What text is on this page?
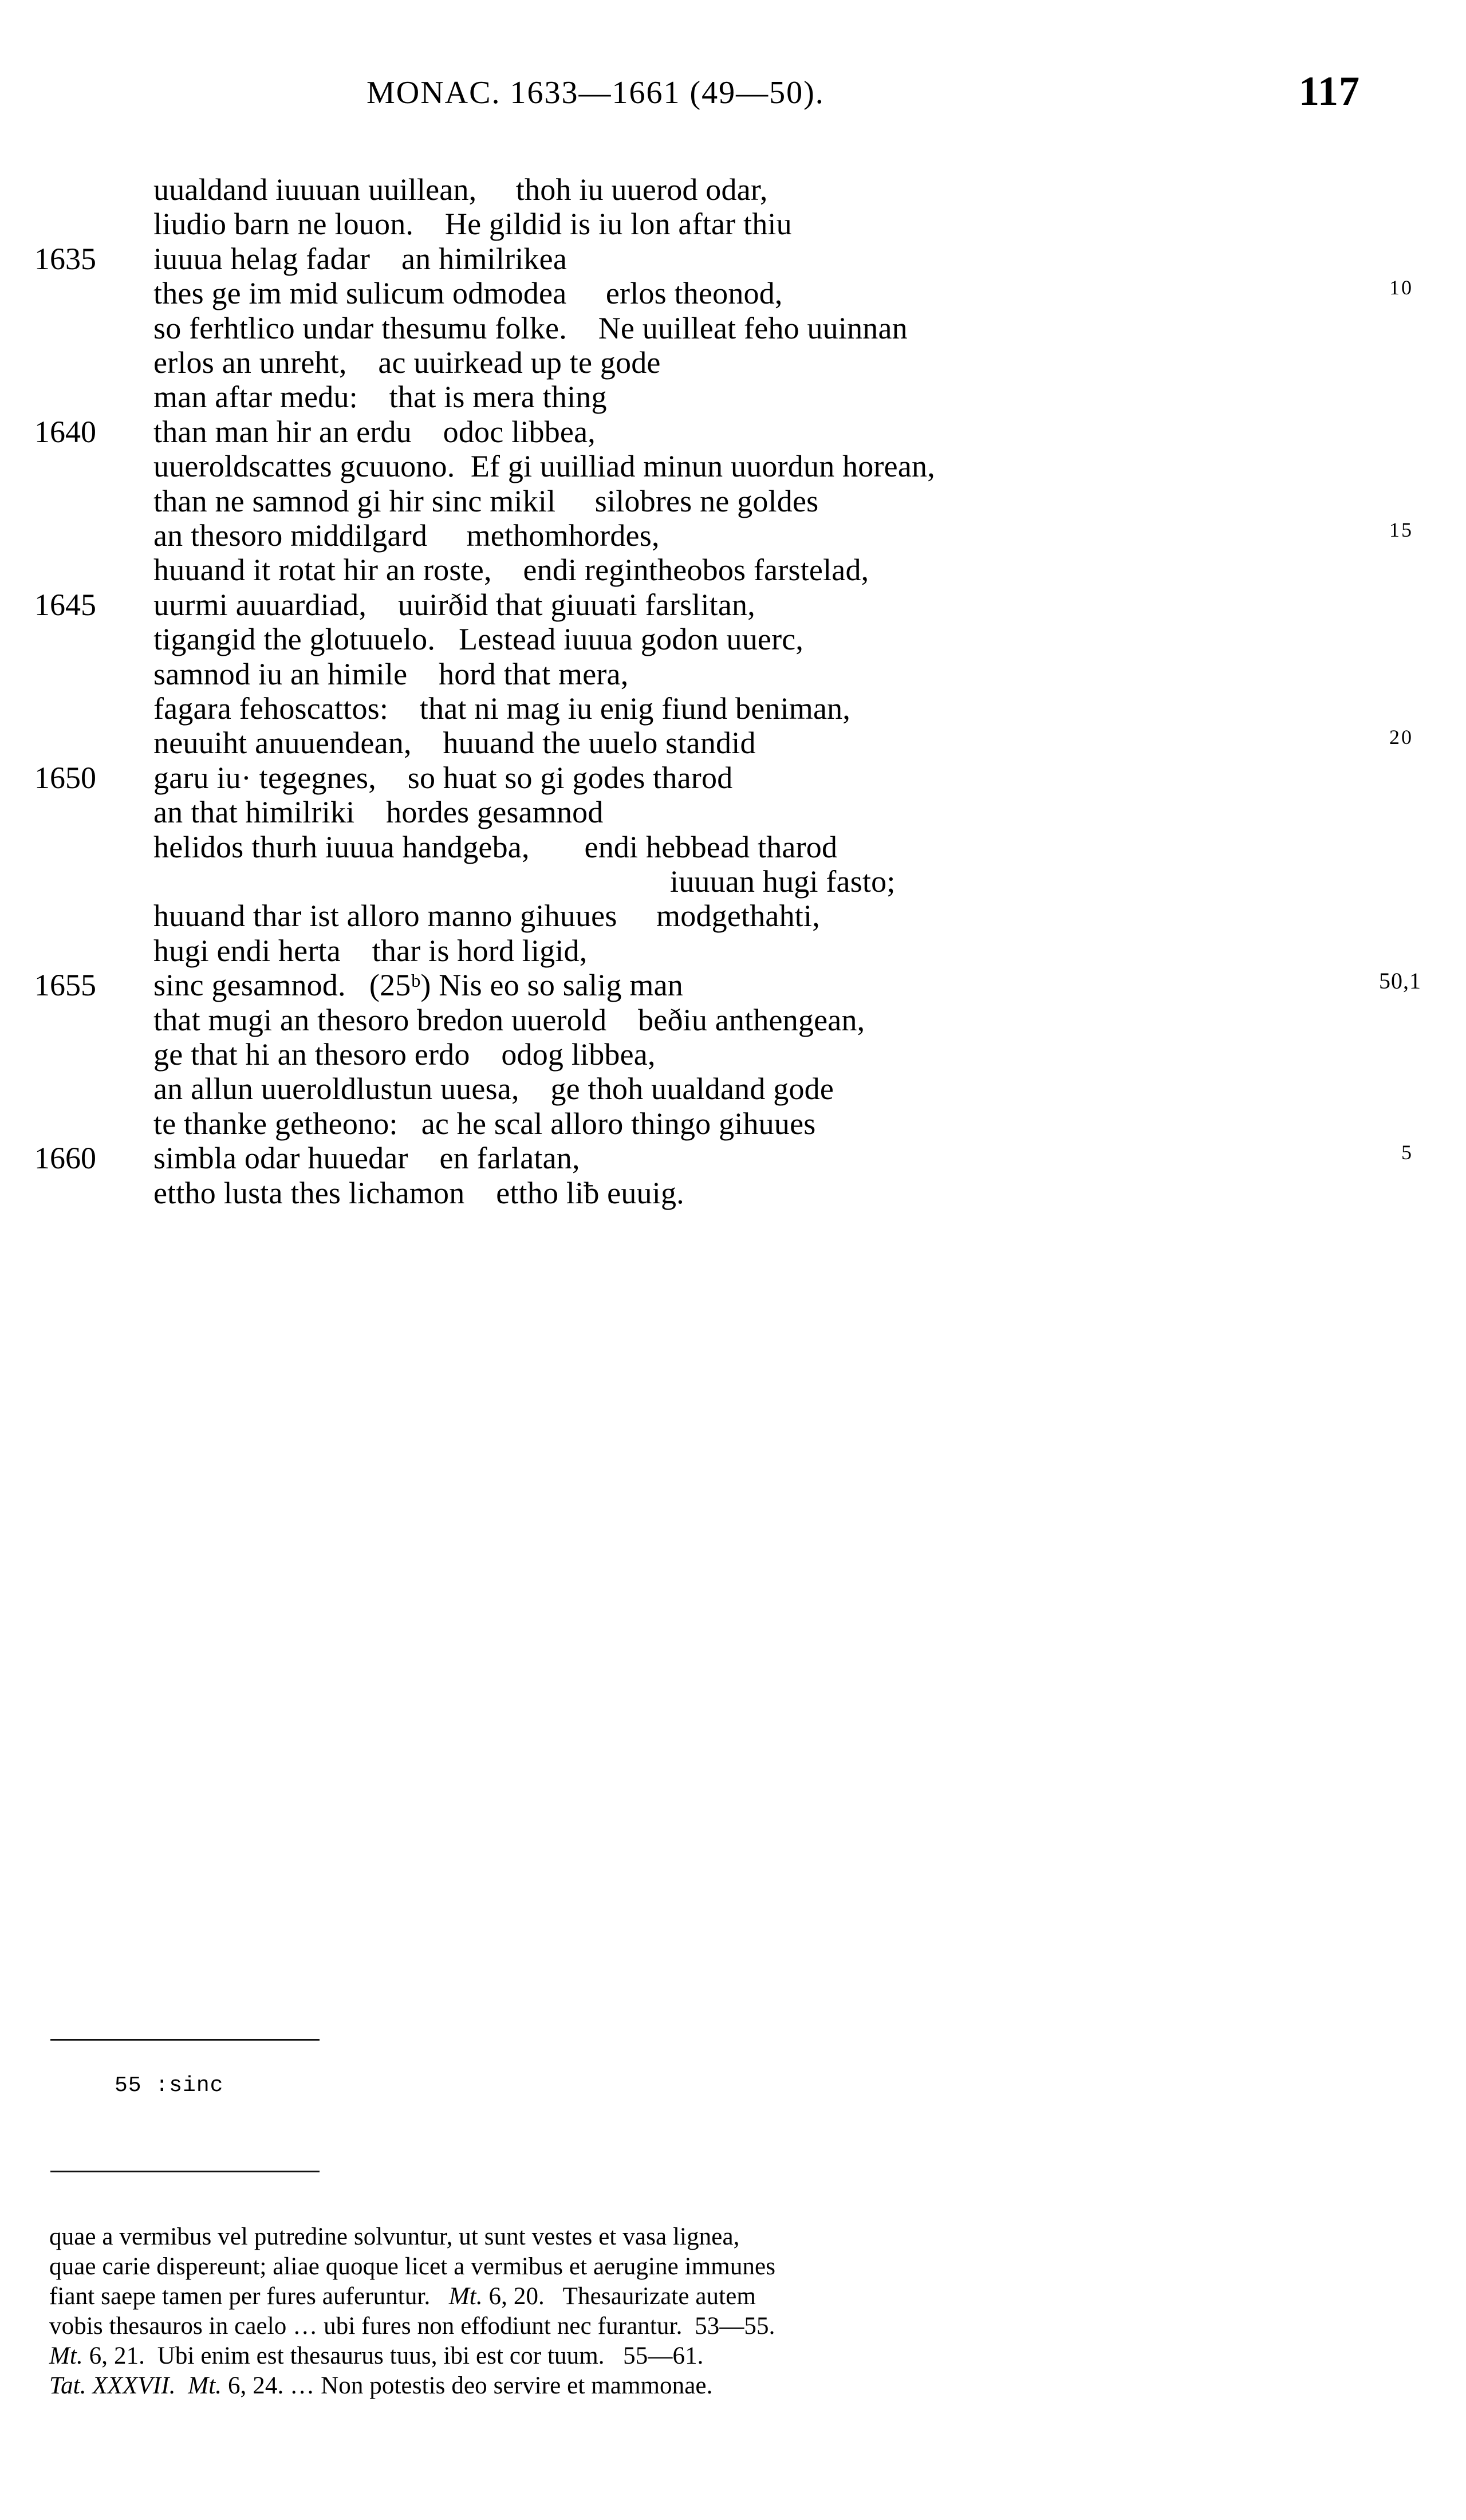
MONAC. 1633—1661 (49—50).	117
uualdand iuuuan uuillean,     thoh iu uuerod odar,
liudio barn ne louon.    He gildid is iu lon aftar thiu
1635	iuuua helag fadar    an himilrikea
thes ge im mid sulicum odmodea     erlos theonod,	10
so ferhtlico undar thesumu folke.    Ne uuilleat feho uuinnan
erlos an unreht,    ac uuirkead up te gode
man aftar medu:    that is mera thing
1640	than man hir an erdu    odoc libbea,
uueroldscattes gcuuono.  Ef gi uuilliad minun uuordun horean,
than ne samnod gi hir sinc mikil     silobres ne goldes
an thesoro middilgard     methomhordes,	15
huuand it rotat hir an roste,    endi regintheobos farstelad,
1645	uurmi auuardiad,    uuirðid that giuuati farslitan,
tigangid the glotuuelo.   Lestead iuuua godon uuerc,
samnod iu an himile    hord that mera,
fagara fehoscattos:    that ni mag iu enig fiund beniman,
neuuiht anuuendean,    huuand the uuelo standid	20
1650	garu iu· tegegnes,    so huat so gi godes tharod
an that himilriki    hordes gesamnod
helidos thurh iuuua handgeba,       endi hebbead tharod
iuuuan hugi fasto;
huuand thar ist alloro manno gihuues     modgethahti,
hugi endi herta    thar is hord ligid,
1655	sinc gesamnod.   (25ᵇ) Nis eo so salig man	50,1
that mugi an thesoro bredon uuerold    beðiu anthengean,
ge that hi an thesoro erdo    odog libbea,
an allun uueroldlustun uuesa,    ge thoh uualdand gode
te thanke getheono:   ac he scal alloro thingo gihuues
1660	simbla odar huuedar    en farlatan,	5
ettho lusta thes lichamon    ettho liƀ euuig.
55 :sinc
quae a vermibus vel putredine solvuntur, ut sunt vestes et vasa lignea,
quae carie dispereunt; aliae quoque licet a vermibus et aerugine immunes
fiant saepe tamen per fures auferuntur.   Mt. 6, 20.   Thesaurizate autem
vobis thesauros in caelo … ubi fures non effodiunt nec furantur.  53—55.
Mt. 6, 21.  Ubi enim est thesaurus tuus, ibi est cor tuum.   55—61.
Tat. XXXVII. Mt. 6, 24. … Non potestis deo servire et mammonae.
